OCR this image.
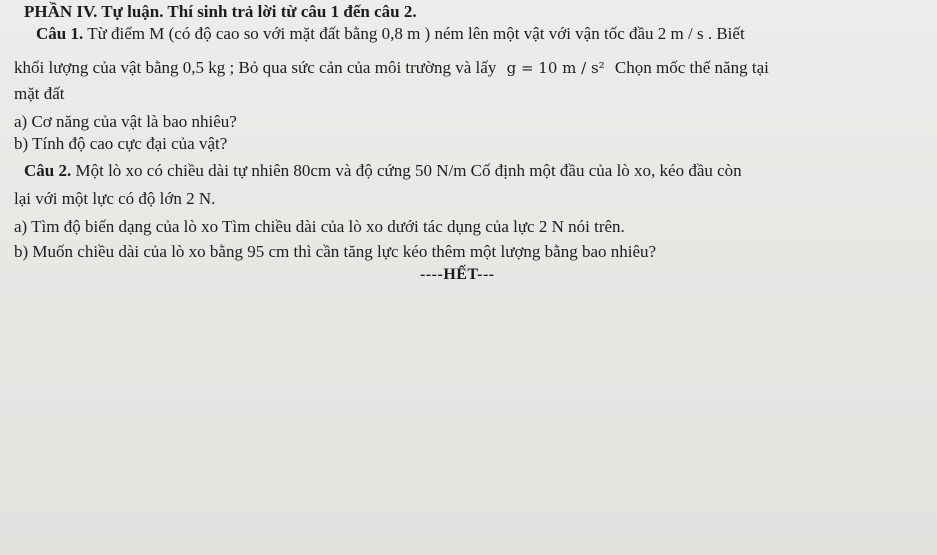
PHẦN IV. Tự luận. Thí sinh trả lời từ câu 1 đến câu 2.
Câu 1. Từ điểm M (có độ cao so với mặt đất bằng 0,8 m ) ném lên một vật với vận tốc đầu 2 m / s . Biết
khối lượng của vật bằng 0,5 kg ; Bỏ qua sức cản của môi trường và lấy g = 10 m / s² Chọn mốc thế năng tại
mặt đất
a) Cơ năng của vật là bao nhiêu?
b) Tính độ cao cực đại của vật?
Câu 2. Một lò xo có chiều dài tự nhiên 80cm và độ cứng 50 N/m Cố định một đầu của lò xo, kéo đầu còn
lại với một lực có độ lớn 2 N.
a) Tìm độ biến dạng của lò xo Tìm chiều dài của lò xo dưới tác dụng của lực 2 N nói trên.
b) Muốn chiều dài của lò xo bằng 95 cm thì cần tăng lực kéo thêm một lượng bằng bao nhiêu?
----HẾT---
